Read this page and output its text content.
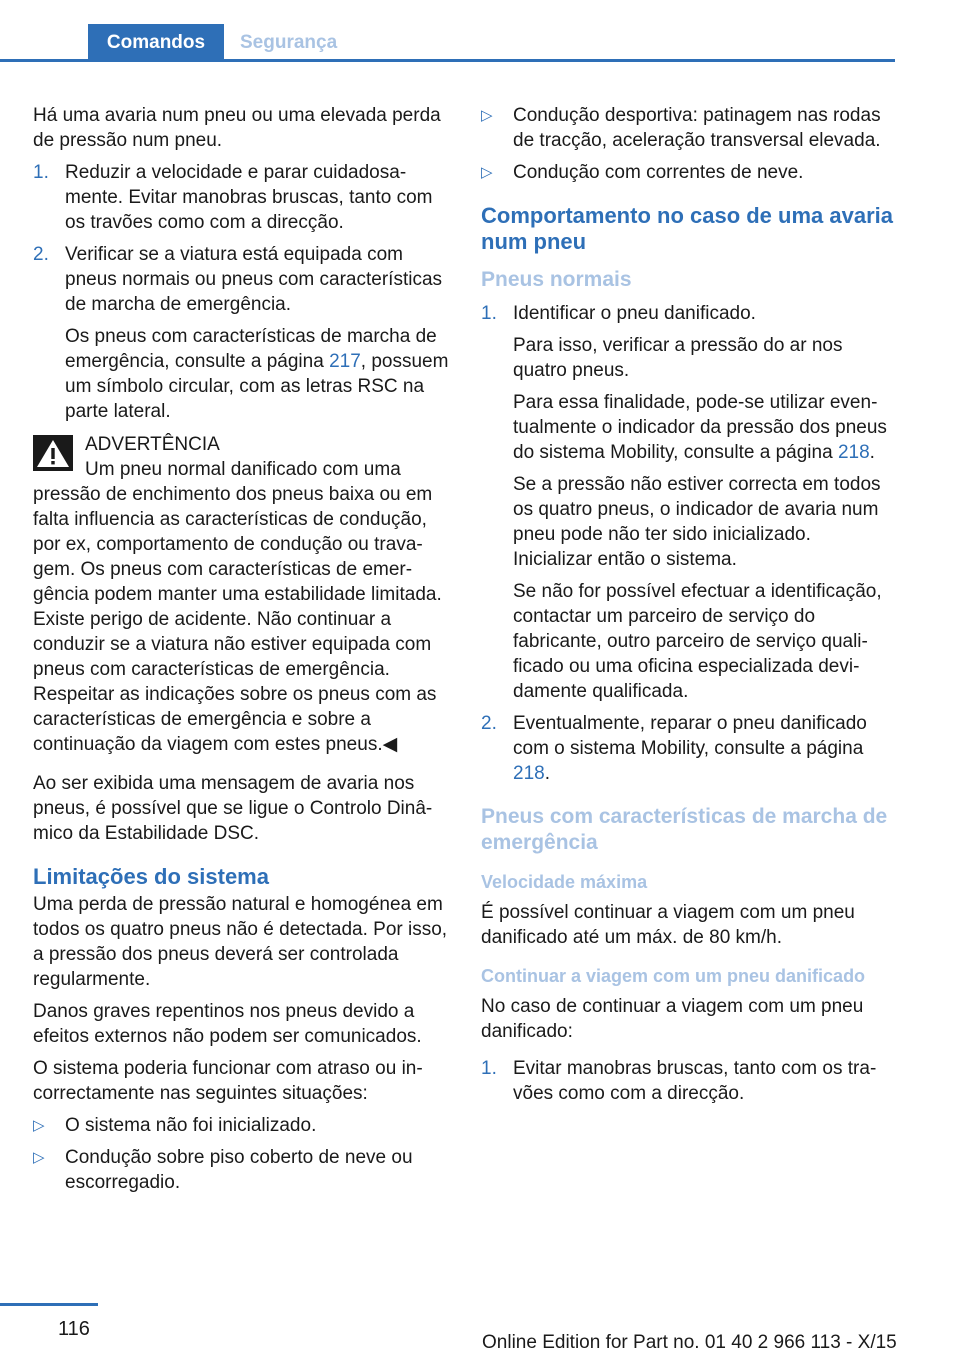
Comandos	Segurança

Há uma avaria num pneu ou uma elevada perda de pressão num pneu.

1. Reduzir a velocidade e parar cuidadosamente. Evitar manobras bruscas, tanto com os travões como com a direcção.
2. Verificar se a viatura está equipada com pneus normais ou pneus com características de marcha de emergência.

Os pneus com características de marcha de emergência, consulte a página 217, possuem um símbolo circular, com as letras RSC na parte lateral.

ADVERTÊNCIA
Um pneu normal danificado com uma
pressão de enchimento dos pneus baixa ou em falta influencia as características de condução, por ex, comportamento de condução ou travagem. Os pneus com características de emergência podem manter uma estabilidade limitada. Existe perigo de acidente. Não continuar a conduzir se a viatura não estiver equipada com pneus com características de emergência. Respeitar as indicações sobre os pneus com as características de emergência e sobre a continuação da viagem com estes pneus.◀

Ao ser exibida uma mensagem de avaria nos pneus, é possível que se ligue o Controlo Dinâmico da Estabilidade DSC.

Limitações do sistema

Uma perda de pressão natural e homogénea em todos os quatro pneus não é detectada. Por isso, a pressão dos pneus deverá ser controlada regularmente.

Danos graves repentinos nos pneus devido a efeitos externos não podem ser comunicados.

O sistema poderia funcionar com atraso ou incorrectamente nas seguintes situações:

▷ O sistema não foi inicializado.
▷ Condução sobre piso coberto de neve ou escorregadio.
▷ Condução desportiva: patinagem nas rodas de tracção, aceleração transversal elevada.
▷ Condução com correntes de neve.
Comportamento no caso de uma avaria num pneu
Pneus normais
1. Identificar o pneu danificado.

Para isso, verificar a pressão do ar nos quatro pneus.

Para essa finalidade, pode-se utilizar eventualmente o indicador da pressão dos pneus do sistema Mobility, consulte a página 218.

Se a pressão não estiver correcta em todos os quatro pneus, o indicador de avaria num pneu pode não ter sido inicializado. Inicializar então o sistema.

Se não for possível efectuar a identificação, contactar um parceiro de serviço do fabricante, outro parceiro de serviço qualificado ou uma oficina especializada devidamente qualificada.

2. Eventualmente, reparar o pneu danificado com o sistema Mobility, consulte a página 218.
Pneus com características de marcha de emergência
Velocidade máxima

É possível continuar a viagem com um pneu danificado até um máx. de 80 km/h.

Continuar a viagem com um pneu danificado

No caso de continuar a viagem com um pneu danificado:

1. Evitar manobras bruscas, tanto com os travões como com a direcção.
116
Online Edition for Part no. 01 40 2 966 113 - X/15
